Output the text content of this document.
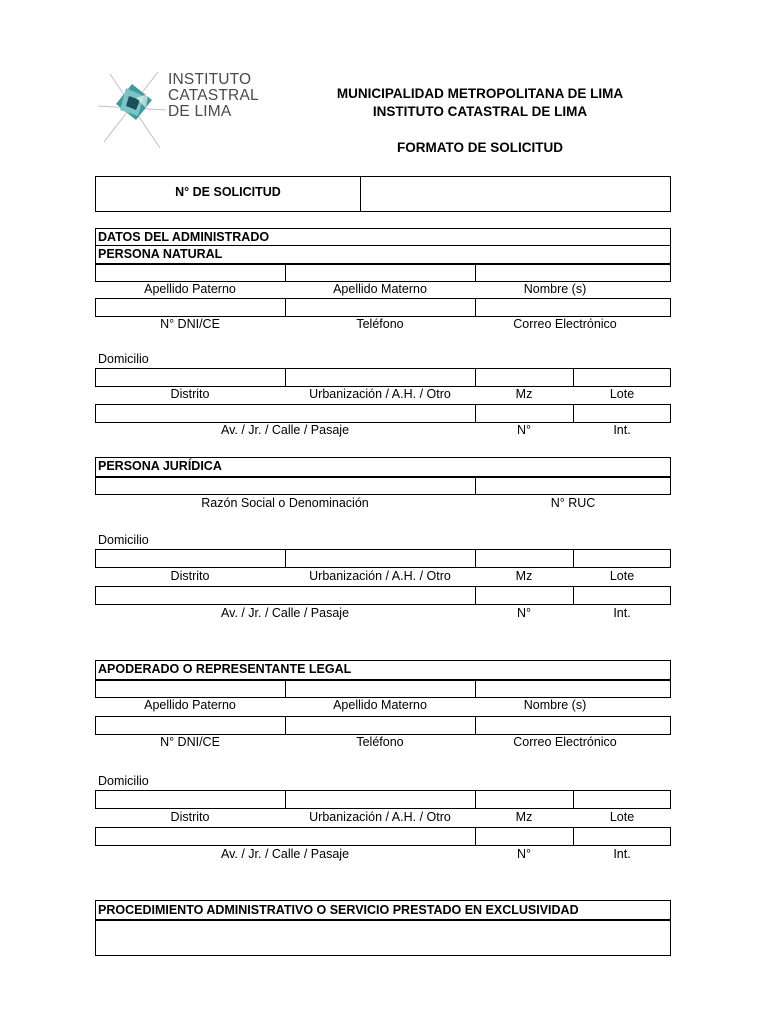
INSTITUTO
CATASTRAL
DE LIMA
MUNICIPALIDAD METROPOLITANA DE LIMA
INSTITUTO CATASTRAL DE LIMA
FORMATO DE SOLICITUD
N° DE SOLICITUD
DATOS DEL ADMINISTRADO
PERSONA NATURAL
Apellido Paterno	Apellido Materno	Nombre (s)
N° DNI/CE	Teléfono	Correo Electrónico
Domicilio
Distrito	Urbanización / A.H. / Otro	Mz	Lote
Av. / Jr. / Calle / Pasaje	N°	Int.
PERSONA JURÍDICA
Razón Social o Denominación	N° RUC
Domicilio
Distrito	Urbanización / A.H. / Otro	Mz	Lote
Av. / Jr. / Calle / Pasaje	N°	Int.
APODERADO O REPRESENTANTE LEGAL
Apellido Paterno	Apellido Materno	Nombre (s)
N° DNI/CE	Teléfono	Correo Electrónico
Domicilio
Distrito	Urbanización / A.H. / Otro	Mz	Lote
Av. / Jr. / Calle / Pasaje	N°	Int.
PROCEDIMIENTO ADMINISTRATIVO O SERVICIO PRESTADO EN EXCLUSIVIDAD
